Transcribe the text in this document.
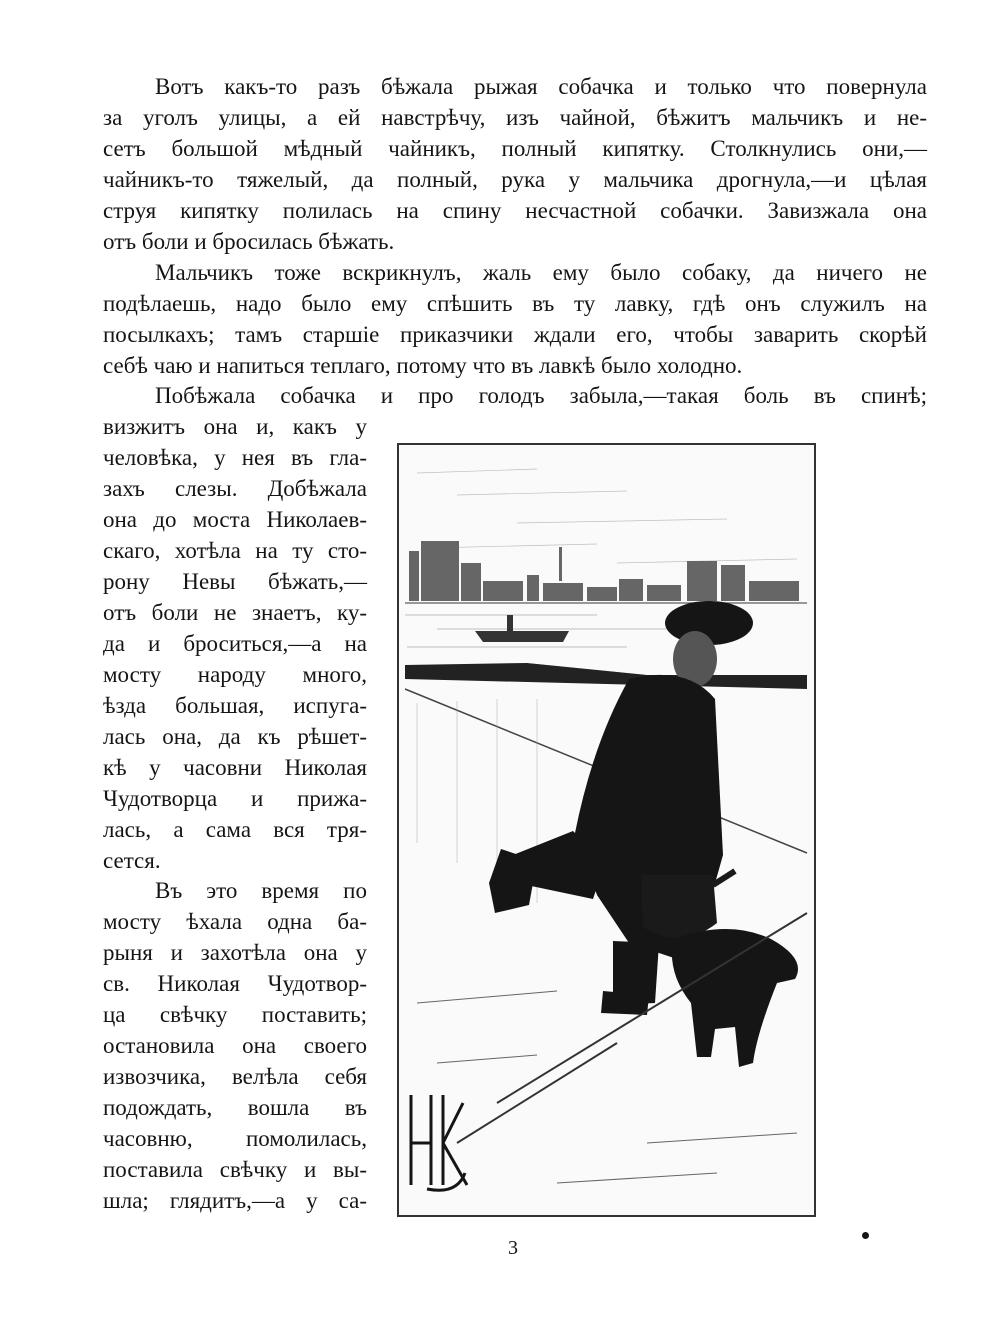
Вотъ какъ-то разъ бѣжала рыжая собачка и только что повернула
за уголъ улицы, а ей навстрѣчу, изъ чайной, бѣжитъ мальчикъ и не-
сетъ большой мѣдный чайникъ, полный кипятку. Столкнулись они,—
чайникъ-то тяжелый, да полный, рука у мальчика дрогнула,—и цѣлая
струя кипятку полилась на спину несчастной собачки. Завизжала она
отъ боли и бросилась бѣжать.
Мальчикъ тоже вскрикнулъ, жаль ему было собаку, да ничего не
подѣлаешь, надо было ему спѣшить въ ту лавку, гдѣ онъ служилъ на
посылкахъ; тамъ старшіе приказчики ждали его, чтобы заварить скорѣй
себѣ чаю и напиться теплаго, потому что въ лавкѣ было холодно.
Побѣжала собачка и про голодъ забыла,—такая боль въ спинѣ;
визжитъ она и, какъ у
человѣка, у нея въ гла-
захъ слезы. Добѣжала
она до моста Николаев-
скаго, хотѣла на ту сто-
рону Невы бѣжать,—
отъ боли не знаетъ, ку-
да и броситься,—а на
мосту народу много,
ѣзда большая, испуга-
лась она, да къ рѣшет-
кѣ у часовни Николая
Чудотворца и прижа-
лась, а сама вся тря-
сется.
Въ это время по
мосту ѣхала одна ба-
рыня и захотѣла она у
св. Николая Чудотвор-
ца свѣчку поставить;
остановила она своего
извозчика, велѣла себя
подождать, вошла въ
часовню, помолилась,
поставила свѣчку и вы-
шла; глядитъ,—а у са-
3
